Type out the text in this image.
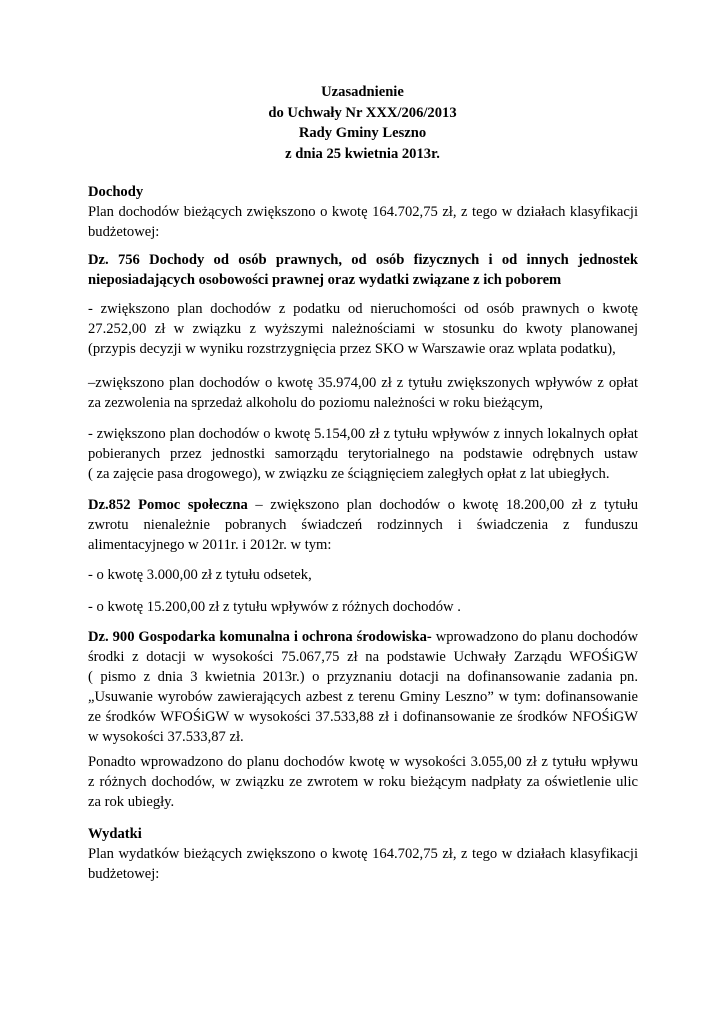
Uzasadnienie
do Uchwały Nr XXX/206/2013
Rady Gminy Leszno
z dnia 25 kwietnia 2013r.
Dochody
Plan dochodów bieżących zwiększono o kwotę 164.702,75 zł, z tego w działach klasyfikacji
budżetowej:
Dz. 756 Dochody od osób prawnych, od osób fizycznych i od innych jednostek
nieposiadających osobowości prawnej oraz wydatki związane z ich poborem
- zwiększono plan dochodów z podatku od nieruchomości od osób prawnych o kwotę
27.252,00 zł w związku z wyższymi należnościami w stosunku do kwoty planowanej
(przypis decyzji w wyniku rozstrzygnięcia przez SKO w Warszawie oraz wplata podatku),
–zwiększono plan dochodów o kwotę 35.974,00 zł z tytułu zwiększonych wpływów z opłat
za zezwolenia na sprzedaż alkoholu do poziomu należności w roku bieżącym,
- zwiększono plan dochodów o kwotę 5.154,00 zł z tytułu wpływów z innych lokalnych opłat
pobieranych przez jednostki samorządu terytorialnego na podstawie odrębnych ustaw
( za zajęcie pasa drogowego), w związku ze ściągnięciem zaległych opłat z lat ubiegłych.
Dz.852 Pomoc społeczna – zwiększono plan dochodów o kwotę 18.200,00 zł z tytułu
zwrotu nienależnie pobranych świadczeń rodzinnych i świadczenia z funduszu
alimentacyjnego w 2011r. i 2012r. w tym:
- o kwotę 3.000,00 zł z tytułu odsetek,
- o kwotę 15.200,00 zł z tytułu wpływów z różnych dochodów .
Dz. 900 Gospodarka komunalna i ochrona środowiska- wprowadzono do planu dochodów
środki z dotacji w wysokości 75.067,75 zł na podstawie Uchwały Zarządu WFOŚiGW
( pismo z dnia 3 kwietnia 2013r.) o przyznaniu dotacji na dofinansowanie zadania pn.
„Usuwanie wyrobów zawierających azbest z terenu Gminy Leszno” w tym: dofinansowanie
ze środków WFOŚiGW w wysokości 37.533,88 zł i dofinansowanie ze środków NFOŚiGW
w wysokości 37.533,87 zł.
Ponadto wprowadzono do planu dochodów kwotę w wysokości 3.055,00 zł z tytułu wpływu
z różnych dochodów, w związku ze zwrotem w roku bieżącym nadpłaty za oświetlenie ulic
za rok ubiegły.
Wydatki
Plan wydatków bieżących zwiększono o kwotę 164.702,75 zł, z tego w działach klasyfikacji
budżetowej:
